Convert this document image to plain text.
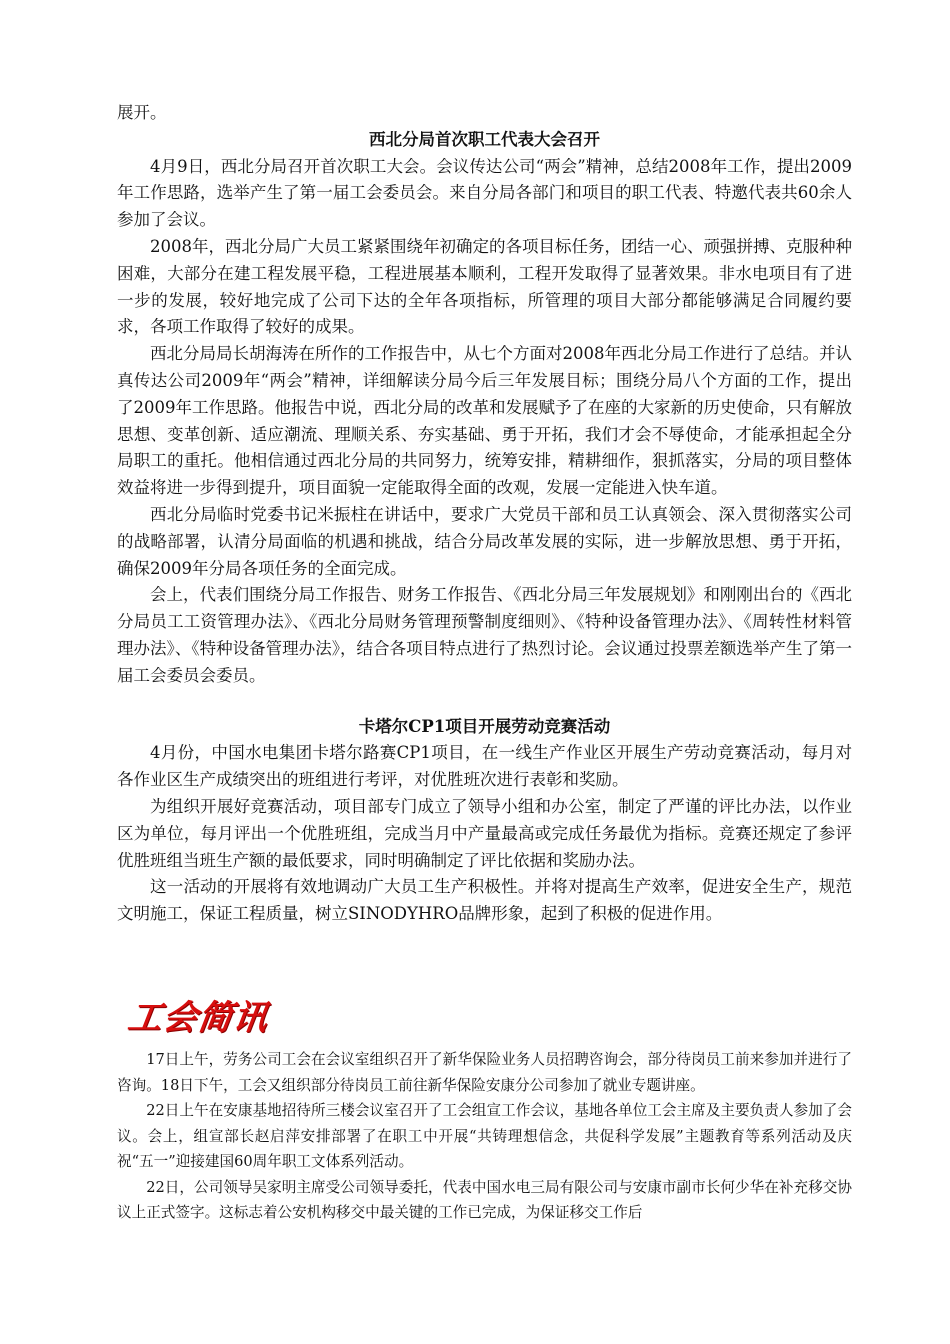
展开。

西北分局首次职工代表大会召开

4月9日，西北分局召开首次职工大会。会议传达公司“两会”精神，总结2008年工作，提出2009年工作思路，选举产生了第一届工会委员会。来自分局各部门和项目的职工代表、特邀代表共60余人参加了会议。

2008年，西北分局广大员工紧紧围绕年初确定的各项目标任务，团结一心、顽强拼搏、克服种种困难，大部分在建工程发展平稳，工程进展基本顺利，工程开发取得了显著效果。非水电项目有了进一步的发展，较好地完成了公司下达的全年各项指标，所管理的项目大部分都能够满足合同履约要求，各项工作取得了较好的成果。

西北分局局长胡海涛在所作的工作报告中，从七个方面对2008年西北分局工作进行了总结。并认真传达公司2009年“两会”精神，详细解读分局今后三年发展目标；围绕分局八个方面的工作，提出了2009年工作思路。他报告中说，西北分局的改革和发展赋予了在座的大家新的历史使命，只有解放思想、变革创新、适应潮流、理顺关系、夯实基础、勇于开拓，我们才会不辱使命，才能承担起全分局职工的重托。他相信通过西北分局的共同努力，统筹安排，精耕细作，狠抓落实，分局的项目整体效益将进一步得到提升，项目面貌一定能取得全面的改观，发展一定能进入快车道。

西北分局临时党委书记米振柱在讲话中，要求广大党员干部和员工认真领会、深入贯彻落实公司的战略部署，认清分局面临的机遇和挑战，结合分局改革发展的实际，进一步解放思想、勇于开拓，确保2009年分局各项任务的全面完成。

会上，代表们围绕分局工作报告、财务工作报告、《西北分局三年发展规划》和刚刚出台的《西北分局员工工资管理办法》、《西北分局财务管理预警制度细则》、《特种设备管理办法》、《周转性材料管理办法》、《特种设备管理办法》，结合各项目特点进行了热烈讨论。会议通过投票差额选举产生了第一届工会委员会委员。

卡塔尔CP1项目开展劳动竞赛活动

4月份，中国水电集团卡塔尔路赛CP1项目，在一线生产作业区开展生产劳动竞赛活动，每月对各作业区生产成绩突出的班组进行考评，对优胜班次进行表彰和奖励。

为组织开展好竞赛活动，项目部专门成立了领导小组和办公室，制定了严谨的评比办法，以作业区为单位，每月评出一个优胜班组，完成当月中产量最高或完成任务最优为指标。竞赛还规定了参评优胜班组当班生产额的最低要求，同时明确制定了评比依据和奖励办法。

这一活动的开展将有效地调动广大员工生产积极性。并将对提高生产效率，促进安全生产，规范文明施工，保证工程质量，树立SINODYHRO品牌形象，起到了积极的促进作用。

工会简讯

17日上午，劳务公司工会在会议室组织召开了新华保险业务人员招聘咨询会，部分待岗员工前来参加并进行了咨询。18日下午，工会又组织部分待岗员工前往新华保险安康分公司参加了就业专题讲座。

22日上午在安康基地招待所三楼会议室召开了工会组宣工作会议，基地各单位工会主席及主要负责人参加了会议。会上，组宣部长赵启萍安排部署了在职工中开展“共铸理想信念，共促科学发展”主题教育等系列活动及庆祝“五一”迎接建国60周年职工文体系列活动。

22日，公司领导吴家明主席受公司领导委托，代表中国水电三局有限公司与安康市副市长何少华在补充移交协议上正式签字。这标志着公安机构移交中最关键的工作已完成，为保证移交工作后
